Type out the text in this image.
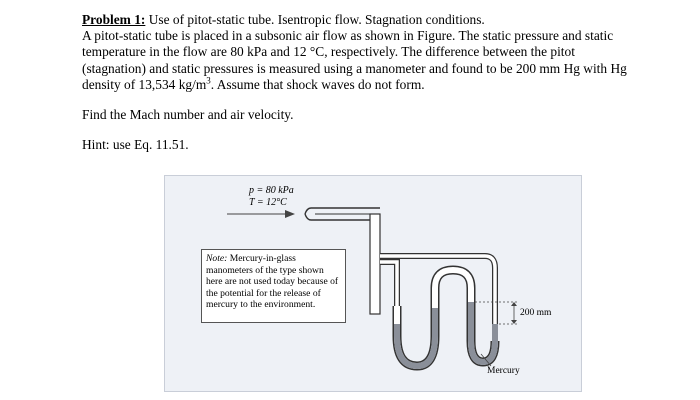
Problem 1: Use of pitot-static tube. Isentropic flow. Stagnation conditions.
A pitot-static tube is placed in a subsonic air flow as shown in Figure. The static pressure and static temperature in the flow are 80 kPa and 12 °C, respectively. The difference between the pitot (stagnation) and static pressures is measured using a manometer and found to be 200 mm Hg with Hg density of 13,534 $kg/m^3$. Assume that shock waves do not form.

Find the Mach number and air velocity.

Hint: use Eq. 11.51.

p = 80 kPa
T = 12°C
Note: Mercury-in-glass manometers of the type shown here are not used today because of the potential for the release of mercury to the environment.
200 mm
Mercury
